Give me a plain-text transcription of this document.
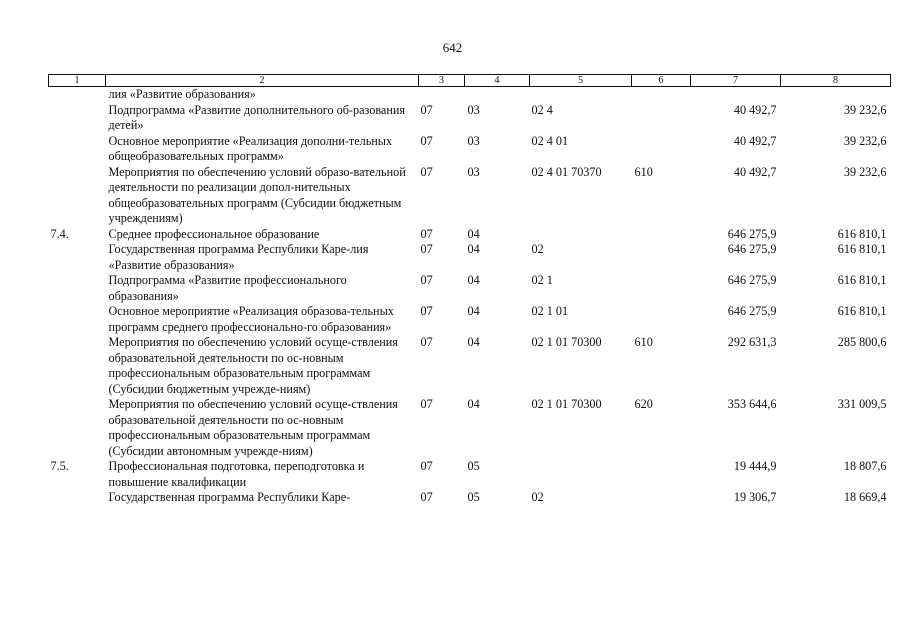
642
1	2	3	4	5	6	7	8
	лия «Развитие образования»						
	Подпрограмма «Развитие дополнительного об-разования детей»	07	03	02 4		40 492,7	39 232,6
	Основное мероприятие «Реализация дополни-тельных общеобразовательных программ»	07	03	02 4 01		40 492,7	39 232,6
	Мероприятия по обеспечению условий образо-вательной деятельности по реализации допол-нительных общеобразовательных программ (Субсидии бюджетным учреждениям)	07	03	02 4 01 70370	610	40 492,7	39 232,6
7.4.	Среднее профессиональное образование	07	04			646 275,9	616 810,1
	Государственная программа Республики Каре-лия «Развитие образования»	07	04	02		646 275,9	616 810,1
	Подпрограмма «Развитие профессионального образования»	07	04	02 1		646 275,9	616 810,1
	Основное мероприятие «Реализация образова-тельных программ среднего профессионально-го образования»	07	04	02 1 01		646 275,9	616 810,1
	Мероприятия по обеспечению условий осуще-ствления образовательной деятельности по ос-новным профессиональным образовательным программам (Субсидии бюджетным учрежде-ниям)	07	04	02 1 01 70300	610	292 631,3	285 800,6
	Мероприятия по обеспечению условий осуще-ствления образовательной деятельности по ос-новным профессиональным образовательным программам (Субсидии автономным учрежде-ниям)	07	04	02 1 01 70300	620	353 644,6	331 009,5
7.5.	Профессиональная подготовка, переподготовка и повышение квалификации	07	05			19 444,9	18 807,6
	Государственная программа Республики Каре-	07	05	02		19 306,7	18 669,4
